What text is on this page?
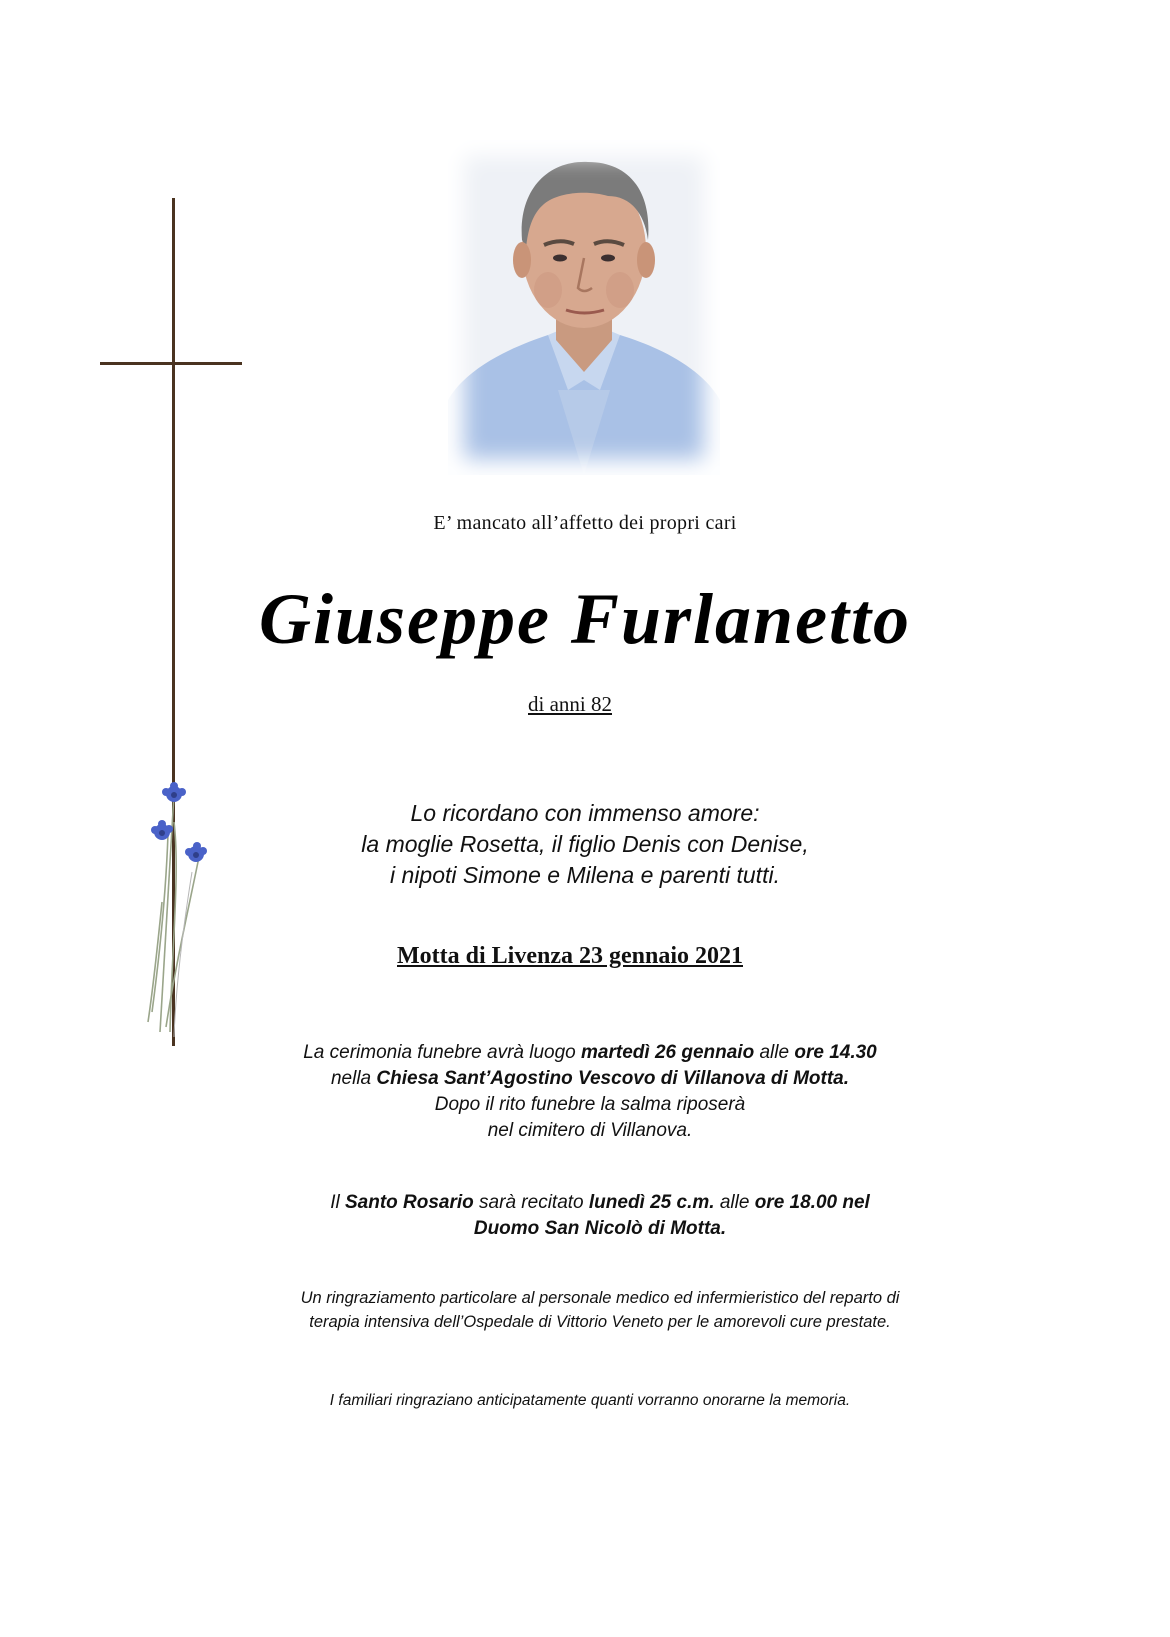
E’ mancato all’affetto dei propri cari
Giuseppe Furlanetto
di anni 82
Lo ricordano con immenso amore:
la moglie Rosetta, il figlio Denis con Denise,
i nipoti Simone e Milena e parenti tutti.
Motta di Livenza 23 gennaio 2021
La cerimonia funebre avrà luogo martedì 26 gennaio alle ore 14.30
nella Chiesa Sant’Agostino Vescovo di Villanova di Motta.
Dopo il rito funebre la salma riposerà
nel cimitero di Villanova.
Il Santo Rosario sarà recitato lunedì 25 c.m. alle ore 18.00 nel
Duomo San Nicolò di Motta.
Un ringraziamento particolare al personale medico ed infermieristico del reparto di
terapia intensiva dell’Ospedale di Vittorio Veneto per le amorevoli cure prestate.
I familiari ringraziano anticipatamente quanti vorranno onorarne la memoria.
